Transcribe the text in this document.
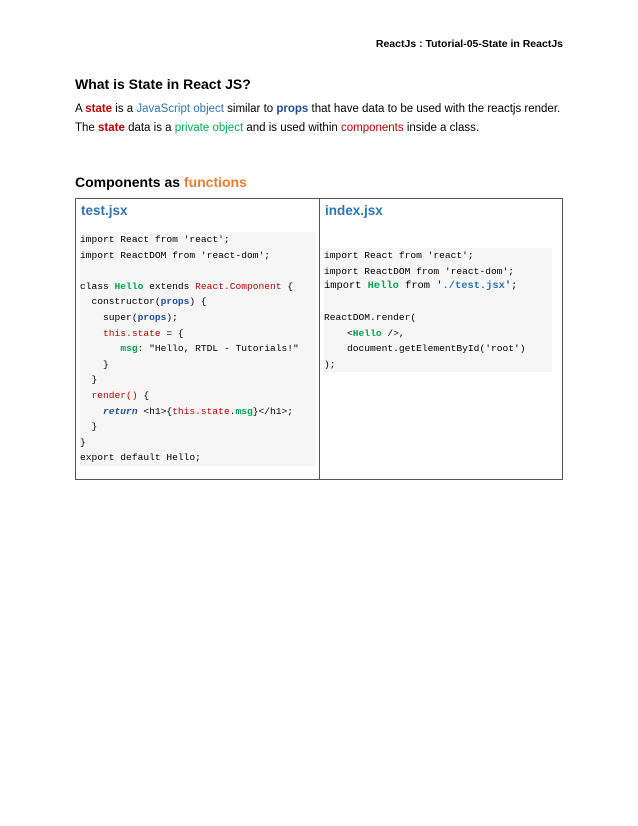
ReactJs : Tutorial-05-State in ReactJs
What is State in React JS?
A state is a JavaScript object similar to props that have data to be used with the reactjs render.
The state data is a private object and is used within components inside a class.
Components as functions
test.jsx
import React from 'react';
import ReactDOM from 'react-dom';
class Hello extends React.Component {
constructor(props) {
super(props);
this.state = {
msg: "Hello, RTDL - Tutorials!"
}
}
render() {
return <h1>{this.state.msg}</h1>;
}
}
export default Hello;
index.jsx
import React from 'react';
import ReactDOM from 'react-dom';
import Hello from './test.jsx';
ReactDOM.render(
<Hello />,
document.getElementById('root')
);
